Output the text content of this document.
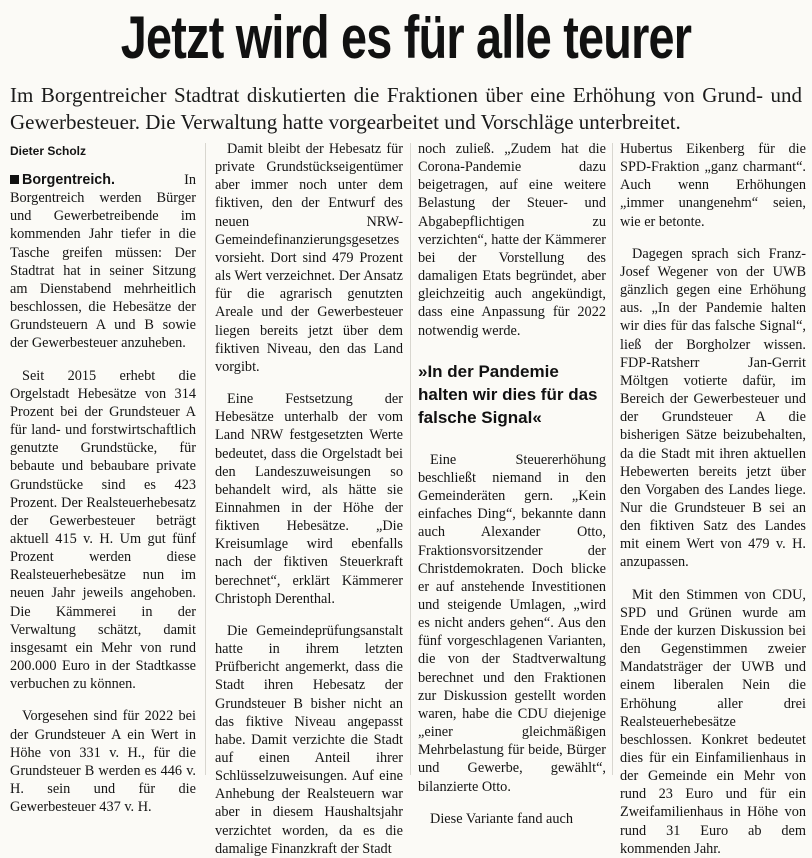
Jetzt wird es für alle teurer
Im Borgentreicher Stadtrat diskutierten die Fraktionen über eine Erhöhung von Grund- und Gewerbesteuer. Die Verwaltung hatte vorgearbeitet und Vorschläge unterbreitet.
Dieter Scholz

Borgentreich.	In Borgentreich werden Bürger und Gewerbetreibende im kommenden Jahr tiefer in die Tasche greifen müssen: Der Stadtrat hat in seiner Sitzung am Dienstabend mehrheitlich beschlossen, die Hebesätze der Grundsteuern A und B sowie der Gewerbesteuer anzuheben.

Seit 2015 erhebt die Orgelstadt Hebesätze von 314 Prozent bei der Grundsteuer A für land- und forstwirtschaftlich genutzte Grundstücke, für bebaute und bebaubare private Grundstücke sind es 423 Prozent. Der Realsteuerhebesatz der Gewerbesteuer beträgt aktuell 415 v. H. Um gut fünf Prozent werden diese Realsteuerhebesätze nun im neuen Jahr jeweils angehoben. Die Kämmerei in der Verwaltung schätzt, damit insgesamt ein Mehr von rund 200.000 Euro in der Stadtkasse verbuchen zu können.

Vorgesehen sind für 2022 bei der Grundsteuer A ein Wert in Höhe von 331 v. H., für die Grundsteuer B werden es 446 v. H. sein und für die Gewerbesteuer 437 v. H.

Damit bleibt der Hebesatz für private Grundstückseigentümer aber immer noch unter dem fiktiven, den der Entwurf des neuen NRW-Gemeindefinanzierungsgesetzes vorsieht. Dort sind 479 Prozent als Wert verzeichnet. Der Ansatz für die agrarisch genutzten Areale und der Gewerbesteuer liegen bereits jetzt über dem fiktiven Niveau, den das Land vorgibt.

Eine Festsetzung der Hebesätze unterhalb der vom Land NRW festgesetzten Werte bedeutet, dass die Orgelstadt bei den Landeszuweisungen so behandelt wird, als hätte sie Einnahmen in der Höhe der fiktiven Hebesätze. „Die Kreisumlage wird ebenfalls nach der fiktiven Steuerkraft berechnet“, erklärt Kämmerer Christoph Derenthal.

Die Gemeindeprüfungsanstalt hatte in ihrem letzten Prüfbericht angemerkt, dass die Stadt ihren Hebesatz der Grundsteuer B bisher nicht an das fiktive Niveau angepasst habe. Damit verzichte die Stadt auf einen Anteil ihrer Schlüsselzuweisungen. Auf eine Anhebung der Realsteuern war aber in diesem Haushaltsjahr verzichtet worden, da es die damalige Finanzkraft der Stadt

noch zuließ. „Zudem hat die Corona-Pandemie dazu beigetragen, auf eine weitere Belastung der Steuer- und Abgabepflichtigen zu verzichten“, hatte der Kämmerer bei der Vorstellung des damaligen Etats begründet, aber gleichzeitig auch angekündigt, dass eine Anpassung für 2022 notwendig werde.

»In der Pandemie halten wir dies für das falsche Signal«

Eine Steuererhöhung beschließt niemand in den Gemeinderäten gern. „Kein einfaches Ding“, bekannte dann auch Alexander Otto, Fraktionsvorsitzender der Christdemokraten. Doch blicke er auf anstehende Investitionen und steigende Umlagen, „wird es nicht anders gehen“. Aus den fünf vorgeschlagenen Varianten, die von der Stadtverwaltung berechnet und den Fraktionen zur Diskussion gestellt worden waren, habe die CDU diejenige „einer gleichmäßigen Mehrbelastung für beide, Bürger und Gewerbe, gewählt“, bilanzierte Otto.

Diese Variante fand auch

Hubertus Eikenberg für die SPD-Fraktion „ganz charmant“. Auch wenn Erhöhungen „immer unangenehm“ seien, wie er betonte.

Dagegen sprach sich Franz-Josef Wegener von der UWB gänzlich gegen eine Erhöhung aus. „In der Pandemie halten wir dies für das falsche Signal“, ließ der Borgholzer wissen. FDP-Ratsherr Jan-Gerrit Möltgen votierte dafür, im Bereich der Gewerbesteuer und der Grundsteuer A die bisherigen Sätze beizubehalten, da die Stadt mit ihren aktuellen Hebewerten bereits jetzt über den Vorgaben des Landes liege. Nur die Grundsteuer B sei an den fiktiven Satz des Landes mit einem Wert von 479 v. H. anzupassen.

Mit den Stimmen von CDU, SPD und Grünen wurde am Ende der kurzen Diskussion bei den Gegenstimmen zweier Mandatsträger der UWB und einem liberalen Nein die Erhöhung aller drei Realsteuerhebesätze beschlossen. Konkret bedeutet dies für ein Einfamilienhaus in der Gemeinde ein Mehr von rund 23 Euro und für ein Zweifamilienhaus in Höhe von rund 31 Euro ab dem kommenden Jahr.
